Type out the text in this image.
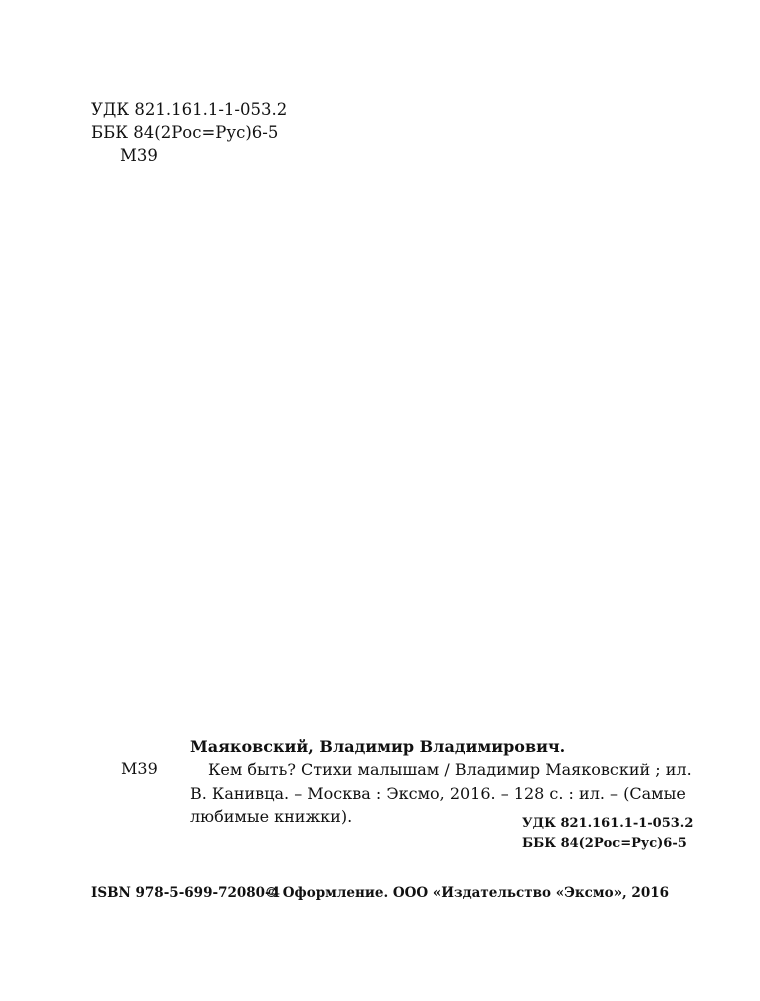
УДК 821.161.1-1-053.2
ББК 84(2Рос=Рус)6-5
М39
Маяковский, Владимир Владимирович.
М39	Кем быть? Стихи малышам / Владимир Маяковский ; ил.
В. Канивца. – Москва : Эксмо, 2016. – 128 с. : ил. – (Самые
любимые книжки).	УДК 821.161.1-1-053.2
ББК 84(2Рос=Рус)6-5
ISBN 978-5-699-72080-4
© Оформление. ООО «Издательство «Эксмо», 2016
